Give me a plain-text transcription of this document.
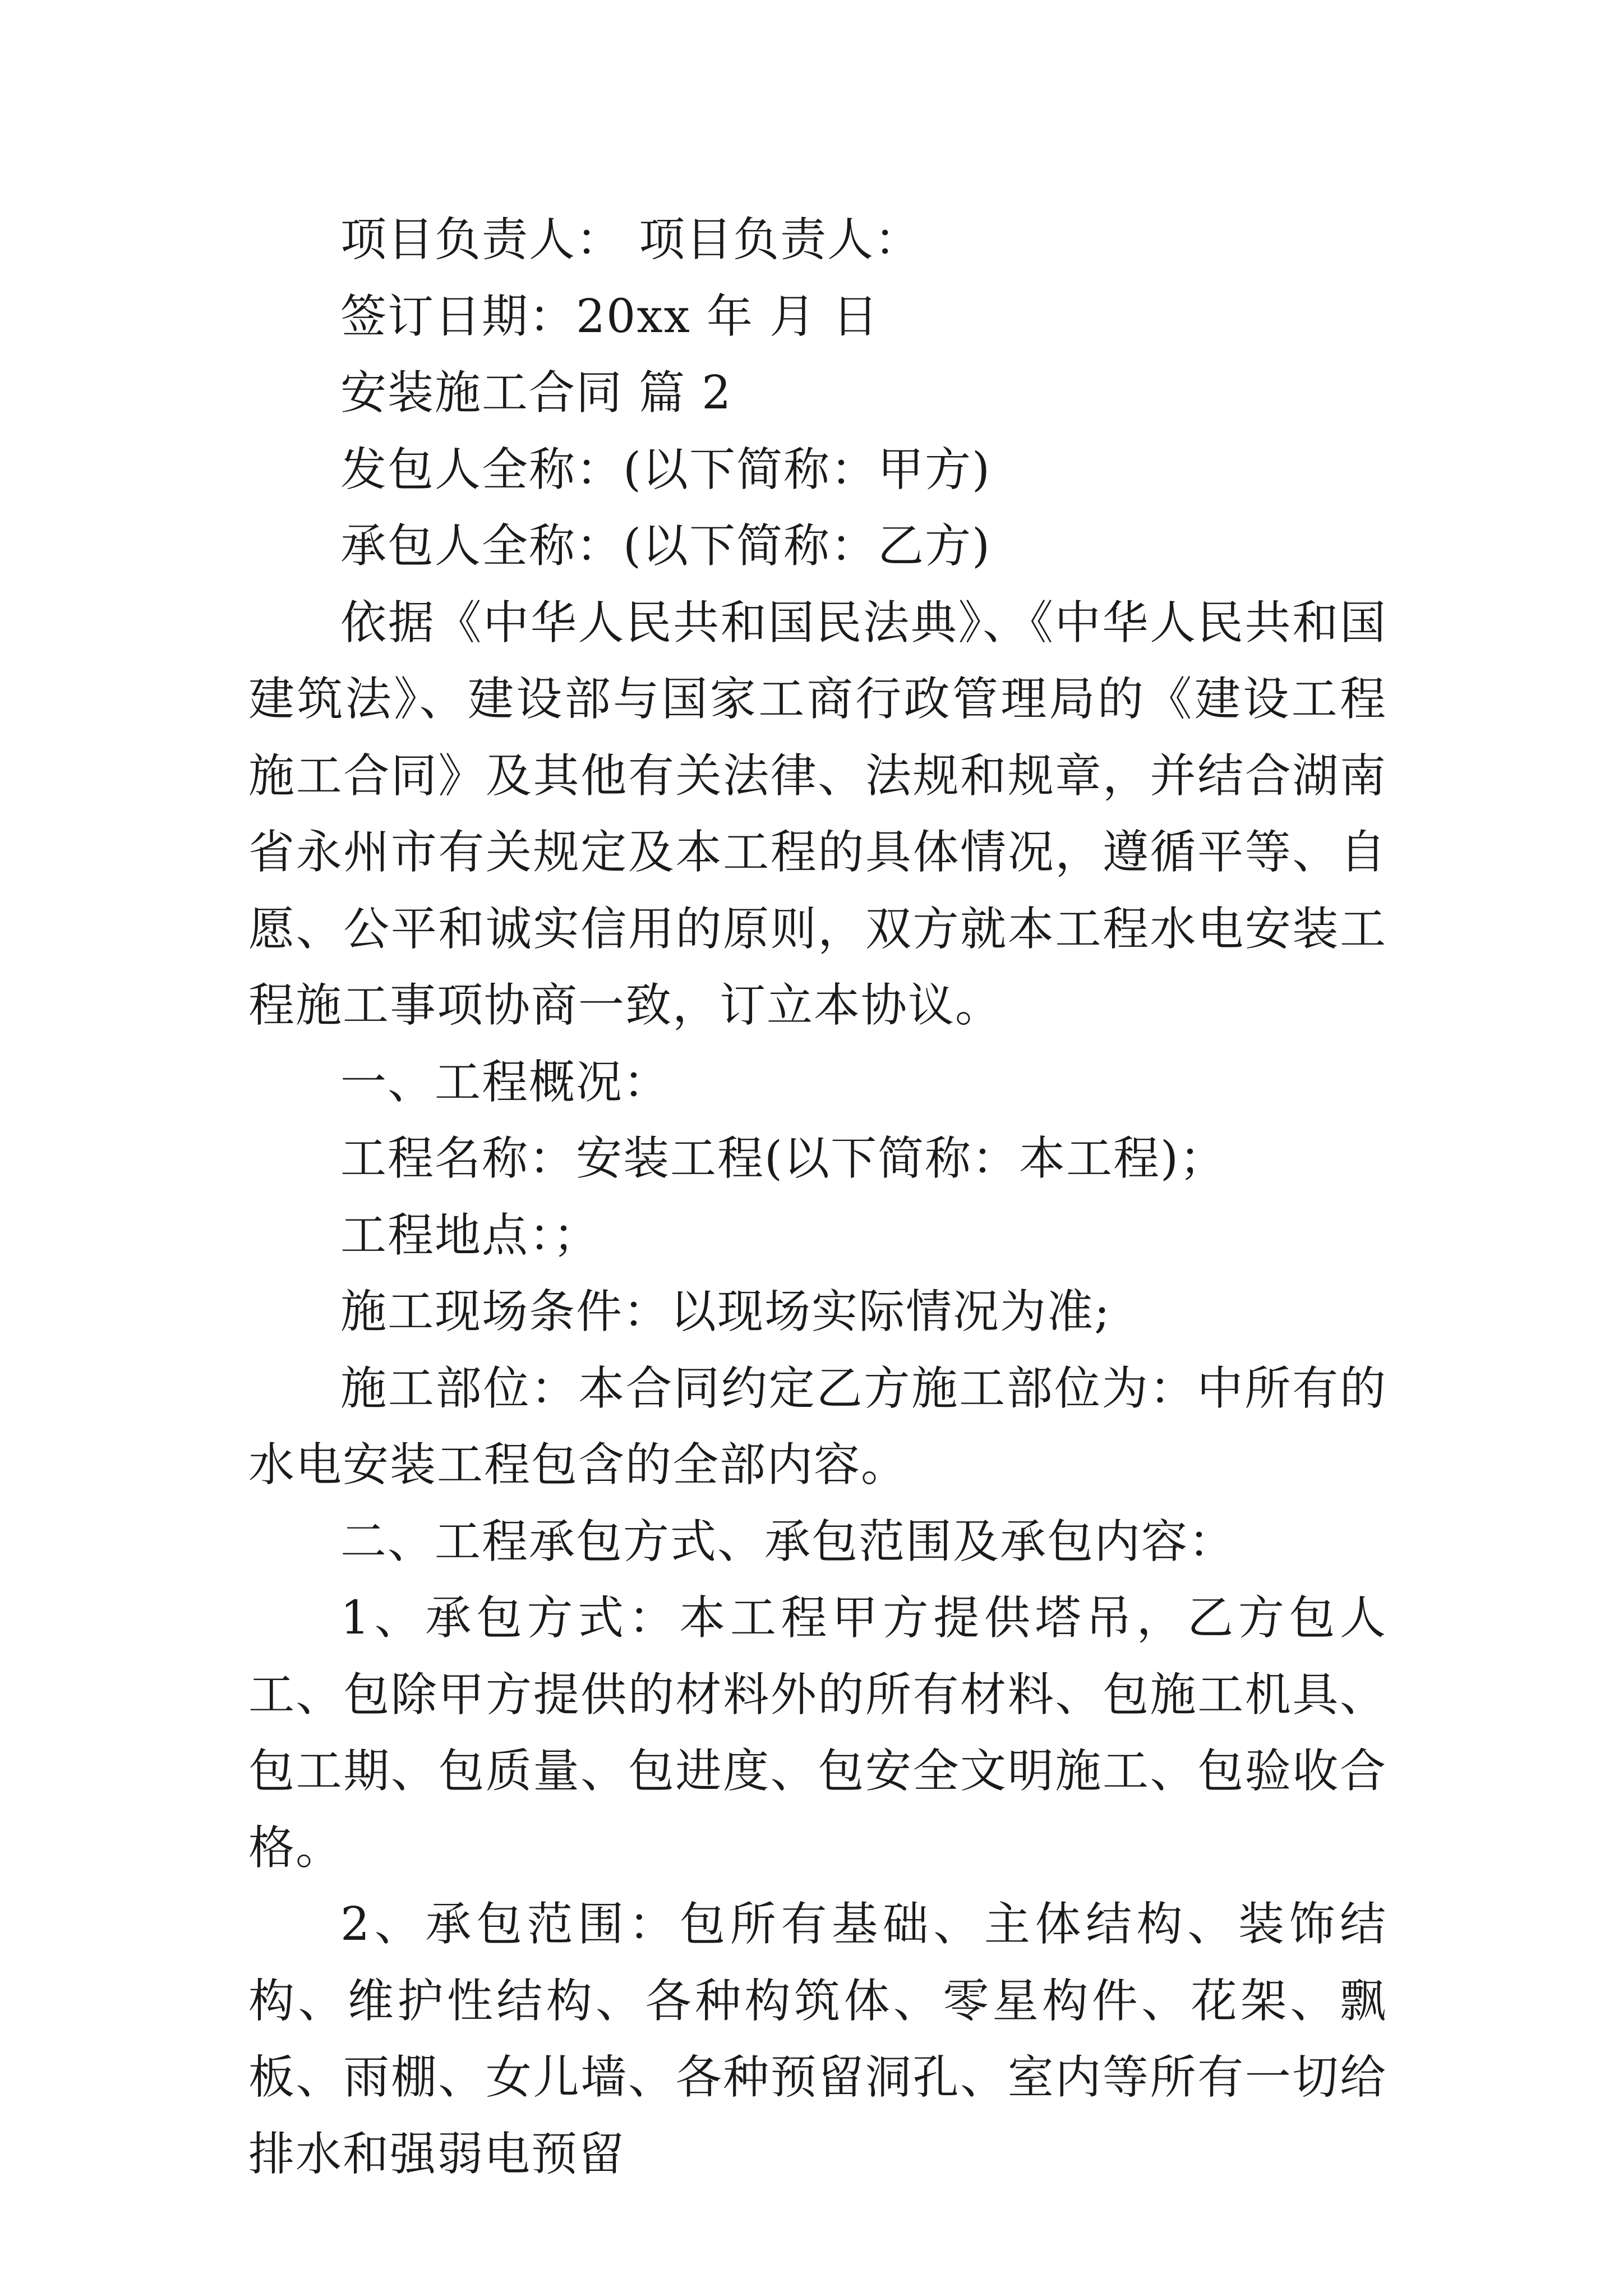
项目负责人： 项目负责人：

签订日期：20xx 年 月 日

安装施工合同 篇 2

发包人全称：(以下简称：甲方)

承包人全称：(以下简称：乙方)

依据《中华人民共和国民法典》、《中华人民共和国建筑法》、建设部与国家工商行政管理局的《建设工程施工合同》及其他有关法律、法规和规章，并结合湖南省永州市有关规定及本工程的具体情况，遵循平等、自愿、公平和诚实信用的原则，双方就本工程水电安装工程施工事项协商一致，订立本协议。

一、工程概况：

工程名称：安装工程(以下简称：本工程)；

工程地点：；

施工现场条件：以现场实际情况为准;

施工部位：本合同约定乙方施工部位为：中所有的水电安装工程包含的全部内容。

二、工程承包方式、承包范围及承包内容：

1、承包方式：本工程甲方提供塔吊，乙方包人工、包除甲方提供的材料外的所有材料、包施工机具、包工期、包质量、包进度、包安全文明施工、包验收合格。

2、承包范围：包所有基础、主体结构、装饰结构、维护性结构、各种构筑体、零星构件、花架、飘板、雨棚、女儿墙、各种预留洞孔、室内等所有一切给排水和强弱电预留
